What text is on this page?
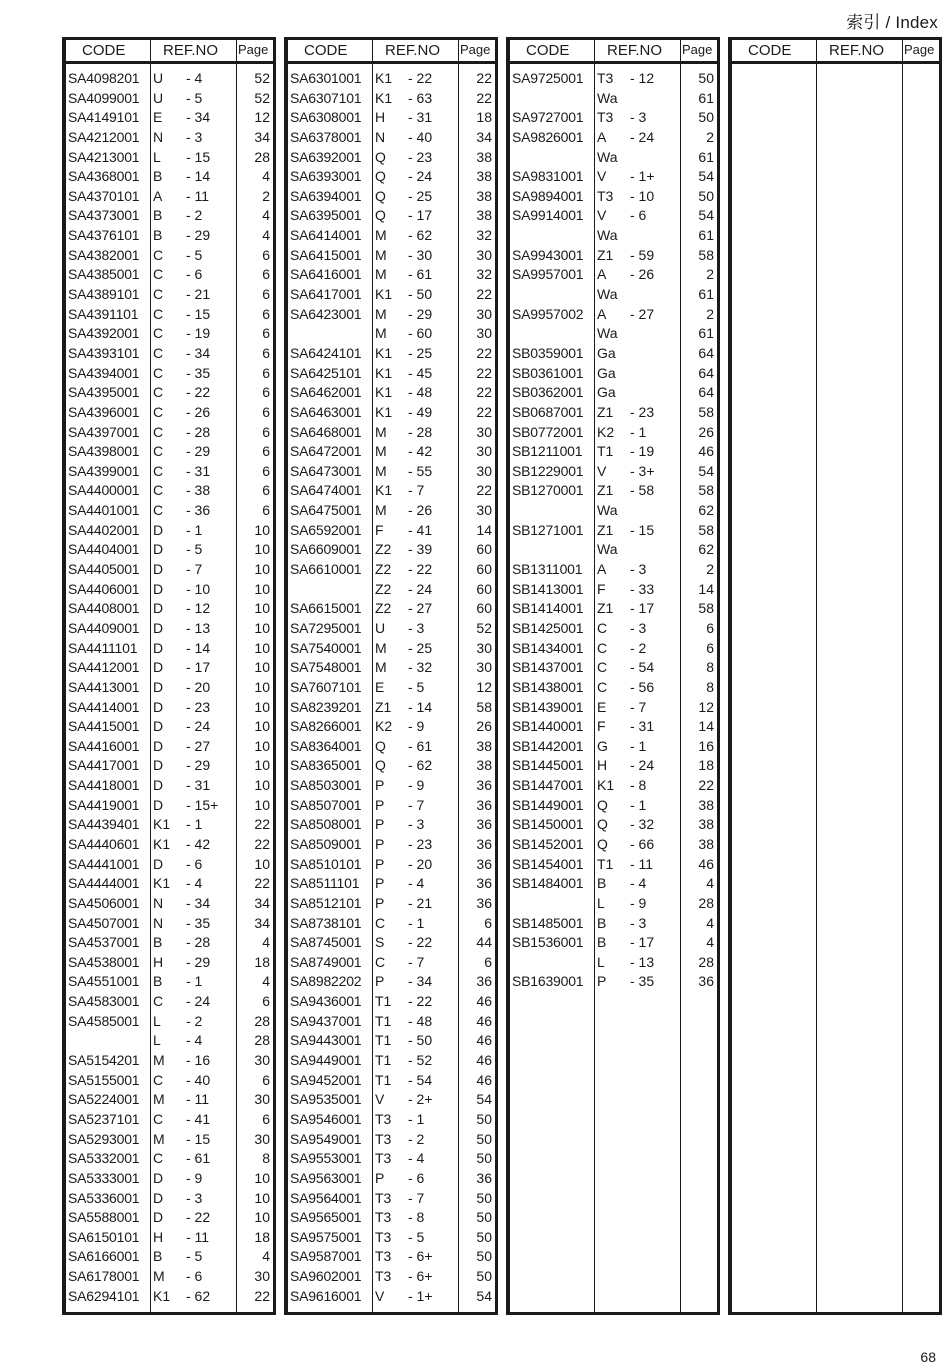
索引 / Index
CODE	REF.NO Page
SA4098201 U - 4	52
SA4099001 U - 5	52
SA4149101 E - 34	12
SA4212001 N - 3	34
SA4213001 L - 15	28
SA4368001 B - 14	4
SA4370101 A - 11	2
SA4373001 B - 2	4
SA4376101 B - 29	4
SA4382001 C - 5	6
SA4385001 C - 6	6
SA4389101 C - 21	6
SA4391101 C - 15	6
SA4392001 C - 19	6
SA4393101 C - 34	6
SA4394001 C - 35	6
SA4395001 C - 22	6
SA4396001 C - 26	6
SA4397001 C - 28	6
SA4398001 C - 29	6
SA4399001 C - 31	6
SA4400001 C - 38	6
SA4401001 C - 36	6
SA4402001 D - 1	10
SA4404001 D - 5	10
SA4405001 D - 7	10
SA4406001 D - 10	10
SA4408001 D - 12	10
SA4409001 D - 13	10
SA4411101 D - 14	10
SA4412001 D - 17	10
SA4413001 D - 20	10
SA4414001 D - 23	10
SA4415001 D - 24	10
SA4416001 D - 27	10
SA4417001 D - 29	10
SA4418001 D - 31	10
SA4419001 D - 15+	10
SA4439401 K1 - 1	22
SA4440601 K1 - 42	22
SA4441001 D - 6	10
SA4444001 K1 - 4	22
SA4506001 N - 34	34
SA4507001 N - 35	34
SA4537001 B - 28	4
SA4538001 H - 29	18
SA4551001 B - 1	4
SA4583001 C - 24	6
SA4585001 L - 2	28
L - 4	28
SA5154201 M - 16	30
SA5155001 C - 40	6
SA5224001 M - 11	30
SA5237101 C - 41	6
SA5293001 M - 15	30
SA5332001 C - 61	8
SA5333001 D - 9	10
SA5336001 D - 3	10
SA5588001 D - 22	10
SA6150101 H - 11	18
SA6166001 B - 5	4
SA6178001 M - 6	30
SA6294101 K1 - 62	22
CODE	REF.NO Page
SA6301001 K1 - 22	22
SA6307101 K1 - 63	22
SA6308001 H - 31	18
SA6378001 N - 40	34
SA6392001 Q - 23	38
SA6393001 Q - 24	38
SA6394001 Q - 25	38
SA6395001 Q - 17	38
SA6414001 M - 62	32
SA6415001 M - 30	30
SA6416001 M - 61	32
SA6417001 K1 - 50	22
SA6423001 M - 29	30
M - 60	30
SA6424101 K1 - 25	22
SA6425101 K1 - 45	22
SA6462001 K1 - 48	22
SA6463001 K1 - 49	22
SA6468001 M - 28	30
SA6472001 M - 42	30
SA6473001 M - 55	30
SA6474001 K1 - 7	22
SA6475001 M - 26	30
SA6592001 F - 41	14
SA6609001 Z2 - 39	60
SA6610001 Z2 - 22	60
Z2 - 24	60
SA6615001 Z2 - 27	60
SA7295001 U - 3	52
SA7540001 M - 25	30
SA7548001 M - 32	30
SA7607101 E - 5	12
SA8239201 Z1 - 14	58
SA8266001 K2 - 9	26
SA8364001 Q - 61	38
SA8365001 Q - 62	38
SA8503001 P - 9	36
SA8507001 P - 7	36
SA8508001 P - 3	36
SA8509001 P - 23	36
SA8510101 P - 20	36
SA8511101 P - 4	36
SA8512101 P - 21	36
SA8738101 C - 1	6
SA8745001 S - 22	44
SA8749001 C - 7	6
SA8982202 P - 34	36
SA9436001 T1 - 22	46
SA9437001 T1 - 48	46
SA9443001 T1 - 50	46
SA9449001 T1 - 52	46
SA9452001 T1 - 54	46
SA9535001 V - 2+	54
SA9546001 T3 - 1	50
SA9549001 T3 - 2	50
SA9553001 T3 - 4	50
SA9563001 P - 6	36
SA9564001 T3 - 7	50
SA9565001 T3 - 8	50
SA9575001 T3 - 5	50
SA9587001 T3 - 6+	50
SA9602001 T3 - 6+	50
SA9616001 V - 1+	54
CODE	REF.NO Page
SA9725001 T3 - 12	50
Wa	61
SA9727001 T3 - 3	50
SA9826001 A - 24	2
Wa	61
SA9831001 V - 1+	54
SA9894001 T3 - 10	50
SA9914001 V - 6	54
Wa	61
SA9943001 Z1 - 59	58
SA9957001 A - 26	2
Wa	61
SA9957002 A - 27	2
Wa	61
SB0359001 Ga	64
SB0361001 Ga	64
SB0362001 Ga	64
SB0687001 Z1 - 23	58
SB0772001 K2 - 1	26
SB1211001 T1 - 19	46
SB1229001 V - 3+	54
SB1270001 Z1 - 58	58
Wa	62
SB1271001 Z1 - 15	58
Wa	62
SB1311001 A - 3	2
SB1413001 F - 33	14
SB1414001 Z1 - 17	58
SB1425001 C - 3	6
SB1434001 C - 2	6
SB1437001 C - 54	8
SB1438001 C - 56	8
SB1439001 E - 7	12
SB1440001 F - 31	14
SB1442001 G - 1	16
SB1445001 H - 24	18
SB1447001 K1 - 8	22
SB1449001 Q - 1	38
SB1450001 Q - 32	38
SB1452001 Q - 66	38
SB1454001 T1 - 11	46
SB1484001 B - 4	4
L - 9	28
SB1485001 B - 3	4
SB1536001 B - 17	4
L - 13	28
SB1639001 P - 35	36
CODE	REF.NO Page
68
